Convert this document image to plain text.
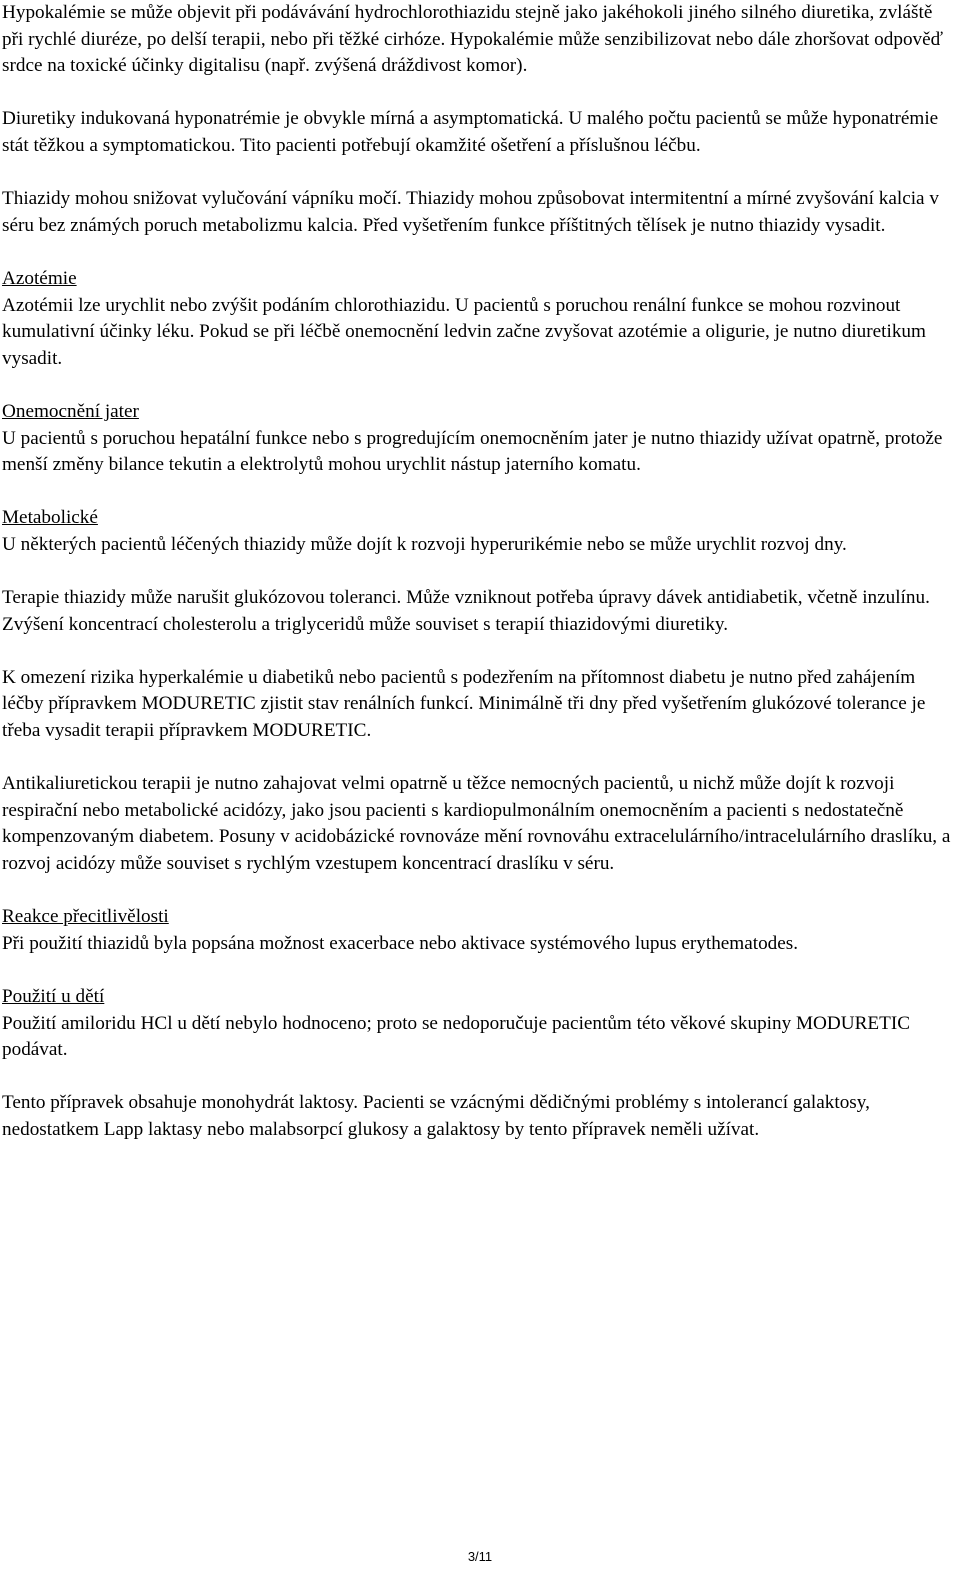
Hypokalémie se může objevit při podávávání hydrochlorothiazidu stejně jako jakéhokoli jiného silného diuretika, zvláště při rychlé diuréze, po delší terapii, nebo při těžké cirhóze. Hypokalémie může senzibilizovat nebo dále zhoršovat odpověď srdce na toxické účinky digitalisu (např. zvýšená dráždivost komor).

Diuretiky indukovaná hyponatrémie je obvykle mírná a asymptomatická. U malého počtu pacientů se může hyponatrémie stát těžkou a symptomatickou. Tito pacienti potřebují okamžité ošetření a příslušnou léčbu.

Thiazidy mohou snižovat vylučování vápníku močí. Thiazidy mohou způsobovat intermitentní a mírné zvyšování kalcia v séru bez známých poruch metabolizmu kalcia. Před vyšetřením funkce příštitných tělísek je nutno thiazidy vysadit.

Azotémie
Azotémii lze urychlit nebo zvýšit podáním chlorothiazidu. U pacientů s poruchou renální funkce se mohou rozvinout kumulativní účinky léku. Pokud se při léčbě onemocnění ledvin začne zvyšovat azotémie a oligurie, je nutno diuretikum vysadit.

Onemocnění jater
U pacientů s poruchou hepatální funkce nebo s progredujícím onemocněním jater je nutno thiazidy užívat opatrně, protože menší změny bilance tekutin a elektrolytů mohou urychlit nástup jaterního komatu.

Metabolické
U některých pacientů léčených thiazidy může dojít k rozvoji hyperurikémie nebo se může urychlit rozvoj dny.

Terapie thiazidy může narušit glukózovou toleranci. Může vzniknout potřeba úpravy dávek antidiabetik, včetně inzulínu. Zvýšení koncentrací cholesterolu a triglyceridů může souviset s terapií thiazidovými diuretiky.

K omezení rizika hyperkalémie u diabetiků nebo pacientů s podezřením na přítomnost diabetu je nutno před zahájením léčby přípravkem MODURETIC zjistit stav renálních funkcí. Minimálně tři dny před vyšetřením glukózové tolerance je třeba vysadit terapii přípravkem MODURETIC.

Antikaliuretickou terapii je nutno zahajovat velmi opatrně u těžce nemocných pacientů, u nichž může dojít k rozvoji respirační nebo metabolické acidózy, jako jsou pacienti s kardiopulmonálním onemocněním a pacienti s nedostatečně kompenzovaným diabetem. Posuny v acidobázické rovnováze mění rovnováhu extracelulárního/intracelulárního draslíku, a rozvoj acidózy může souviset s rychlým vzestupem koncentrací draslíku v séru.

Reakce přecitlivělosti
Při použití thiazidů byla popsána možnost exacerbace nebo aktivace systémového lupus erythematodes.

Použití u dětí
Použití amiloridu HCl u dětí nebylo hodnoceno; proto se nedoporučuje pacientům této věkové skupiny MODURETIC podávat.

Tento přípravek obsahuje monohydrát laktosy. Pacienti se vzácnými dědičnými problémy s intolerancí galaktosy, nedostatkem Lapp laktasy nebo malabsorpcí glukosy a galaktosy by tento přípravek neměli užívat.

3/11
